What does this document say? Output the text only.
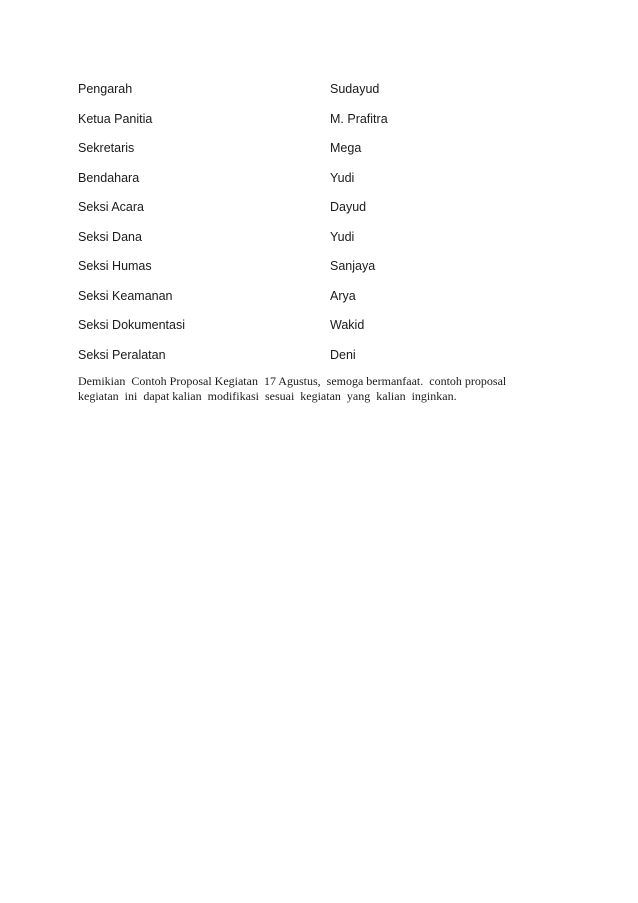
Pengarah	Sudayud
Ketua Panitia	M. Prafitra
Sekretaris	Mega
Bendahara	Yudi
Seksi Acara	Dayud
Seksi Dana	Yudi
Seksi Humas	Sanjaya
Seksi Keamanan	Arya
Seksi Dokumentasi	Wakid
Seksi Peralatan	Deni

Demikian  Contoh Proposal Kegiatan  17 Agustus,  semoga bermanfaat.  contoh proposal
kegiatan  ini  dapat kalian  modifikasi  sesuai  kegiatan  yang  kalian  inginkan.
